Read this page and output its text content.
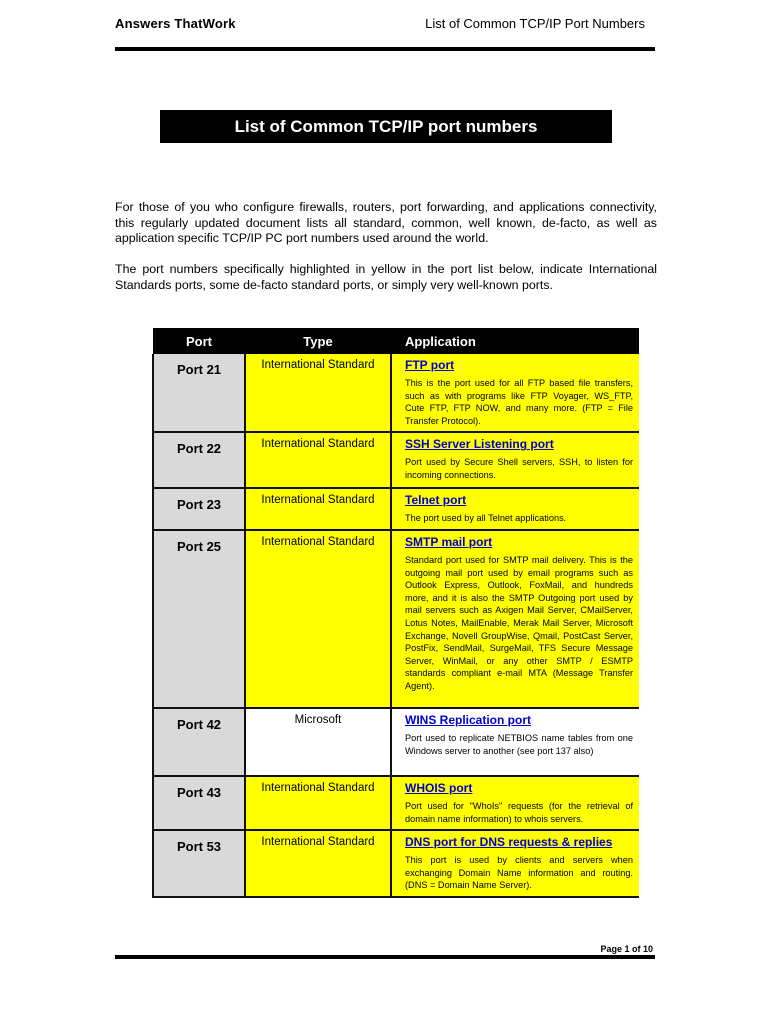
Answers ThatWork	List of Common TCP/IP Port Numbers
List of Common TCP/IP port numbers

For those of you who configure firewalls, routers, port forwarding, and applications connectivity, this regularly updated document lists all standard, common, well known, de-facto, as well as application specific TCP/IP PC port numbers used around the world.

The port numbers specifically highlighted in yellow in the port list below, indicate International Standards ports, some de-facto standard ports, or simply very well-known ports.

Port	Type	Application
Port 21	International Standard	FTP port
This is the port used for all FTP based file transfers, such as with programs like FTP Voyager, WS_FTP, Cute FTP, FTP NOW, and many more. (FTP = File Transfer Protocol).

Port 22	International Standard	SSH Server Listening port
Port used by Secure Shell servers, SSH, to listen for incoming connections.

Port 23	International Standard	Telnet port
The port used by all Telnet applications.

Port 25	International Standard	SMTP mail port
Standard port used for SMTP mail delivery. This is the outgoing mail port used by email programs such as Outlook Express, Outlook, FoxMail, and hundreds more, and it is also the SMTP Outgoing port used by mail servers such as Axigen Mail Server, CMailServer, Lotus Notes, MailEnable, Merak Mail Server, Microsoft Exchange, Novell GroupWise, Qmail, PostCast Server, PostFix, SendMail, SurgeMail, TFS Secure Message Server, WinMail, or any other SMTP / ESMTP standards compliant e-mail MTA (Message Transfer Agent).

Port 42	Microsoft	WINS Replication port
Port used to replicate NETBIOS name tables from one Windows server to another (see port 137 also)

Port 43	International Standard	WHOIS port
Port used for "WhoIs" requests (for the retrieval of domain name information) to whois servers.

Port 53	International Standard	DNS port for DNS requests & replies
This port is used by clients and servers when exchanging Domain Name information and routing. (DNS = Domain Name Server).
Page 1 of 10
